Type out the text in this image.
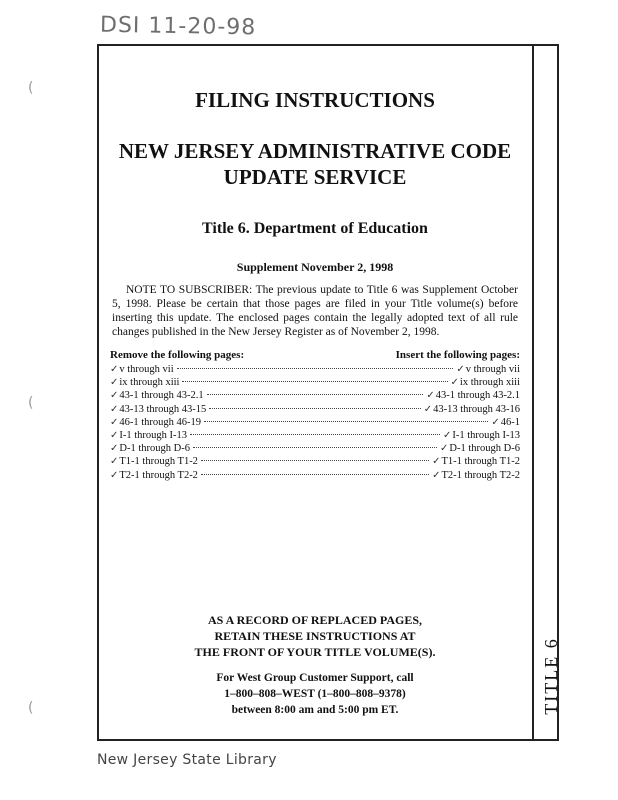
DSI 11-20-98
(
(
(	TITLE 6
FILING INSTRUCTIONS
NEW JERSEY ADMINISTRATIVE CODE
UPDATE SERVICE
Title 6. Department of Education
Supplement November 2, 1998

NOTE TO SUBSCRIBER: The previous update to Title 6 was Supplement October 5, 1998. Please be certain that those pages are filed in your Title volume(s) before inserting this update. The enclosed pages contain the legally adopted text of all rule changes published in the New Jersey Register as of November 2, 1998.

Remove the following pages:	Insert the following pages:
✓ v through vii	✓ v through vii
✓ ix through xiii	✓ ix through xiii
✓ 43-1 through 43-2.1	✓ 43-1 through 43-2.1
✓ 43-13 through 43-15	✓ 43-13 through 43-16
✓ 46-1 through 46-19	✓ 46-1
✓ I-1 through I-13	✓ I-1 through I-13
✓ D-1 through D-6	✓ D-1 through D-6
✓ T1-1 through T1-2	✓ T1-1 through T1-2
✓ T2-1 through T2-2	✓ T2-1 through T2-2
AS A RECORD OF REPLACED PAGES,
RETAIN THESE INSTRUCTIONS AT
THE FRONT OF YOUR TITLE VOLUME(S).
For West Group Customer Support, call
1–800–808–WEST (1–800–808–9378)
between 8:00 am and 5:00 pm ET.
New Jersey State Library
